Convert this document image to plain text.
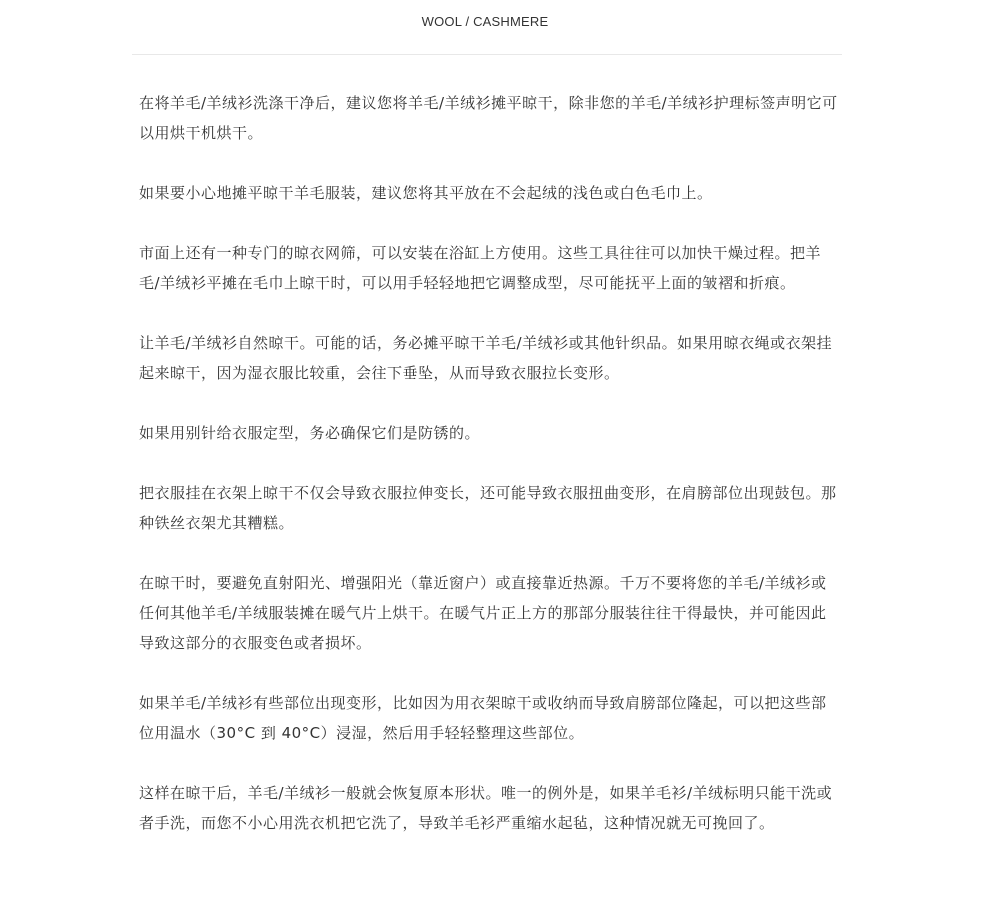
WOOL / CASHMERE

在将羊毛/羊绒衫洗涤干净后，建议您将羊毛/羊绒衫摊平晾干，除非您的羊毛/羊绒衫护理标签声明它可以用烘干机烘干。

如果要小心地摊平晾干羊毛服装，建议您将其平放在不会起绒的浅色或白色毛巾上。

市面上还有一种专门的晾衣网筛，可以安装在浴缸上方使用。这些工具往往可以加快干燥过程。把羊毛/羊绒衫平摊在毛巾上晾干时，可以用手轻轻地把它调整成型，尽可能抚平上面的皱褶和折痕。

让羊毛/羊绒衫自然晾干。可能的话，务必摊平晾干羊毛/羊绒衫或其他针织品。如果用晾衣绳或衣架挂起来晾干，因为湿衣服比较重，会往下垂坠，从而导致衣服拉长变形。

如果用别针给衣服定型，务必确保它们是防锈的。

把衣服挂在衣架上晾干不仅会导致衣服拉伸变长，还可能导致衣服扭曲变形，在肩膀部位出现鼓包。那种铁丝衣架尤其糟糕。

在晾干时，要避免直射阳光、增强阳光（靠近窗户）或直接靠近热源。千万不要将您的羊毛/羊绒衫或任何其他羊毛/羊绒服装摊在暖气片上烘干。在暖气片正上方的那部分服装往往干得最快，并可能因此导致这部分的衣服变色或者损坏。

如果羊毛/羊绒衫有些部位出现变形，比如因为用衣架晾干或收纳而导致肩膀部位隆起，可以把这些部位用温水（30°C 到 40°C）浸湿，然后用手轻轻整理这些部位。

这样在晾干后，羊毛/羊绒衫一般就会恢复原本形状。唯一的例外是，如果羊毛衫/羊绒标明只能干洗或者手洗，而您不小心用洗衣机把它洗了，导致羊毛衫严重缩水起毡，这种情况就无可挽回了。
